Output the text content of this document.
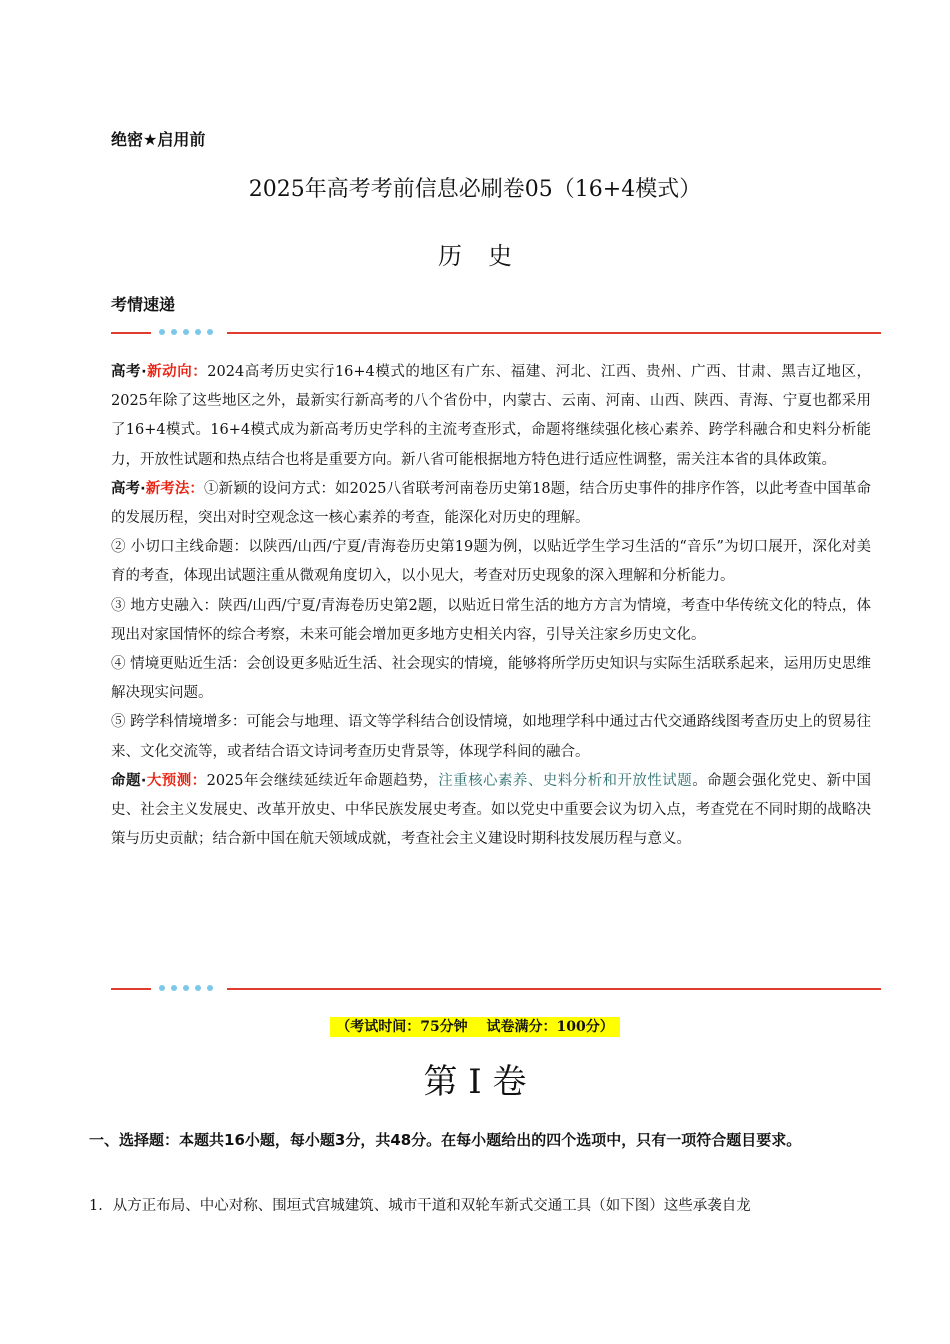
绝密★启用前
2025年高考考前信息必刷卷05（16+4模式）
历史
考情速递

高考·新动向：2024高考历史实行16+4模式的地区有广东、福建、河北、江西、贵州、广西、甘肃、黑吉辽地区，2025年除了这些地区之外，最新实行新高考的八个省份中，内蒙古、云南、河南、山西、陕西、青海、宁夏也都采用了16+4模式。16+4模式成为新高考历史学科的主流考查形式，命题将继续强化核心素养、跨学科融合和史料分析能力，开放性试题和热点结合也将是重要方向。新八省可能根据地方特色进行适应性调整，需关注本省的具体政策。

高考·新考法：①新颖的设问方式：如2025八省联考河南卷历史第18题，结合历史事件的排序作答，以此考查中国革命的发展历程，突出对时空观念这一核心素养的考查，能深化对历史的理解。

② 小切口主线命题：以陕西/山西/宁夏/青海卷历史第19题为例，以贴近学生学习生活的“音乐”为切口展开，深化对美育的考查，体现出试题注重从微观角度切入，以小见大，考查对历史现象的深入理解和分析能力。

③ 地方史融入：陕西/山西/宁夏/青海卷历史第2题，以贴近日常生活的地方方言为情境，考查中华传统文化的特点，体现出对家国情怀的综合考察，未来可能会增加更多地方史相关内容，引导关注家乡历史文化。

④ 情境更贴近生活：会创设更多贴近生活、社会现实的情境，能够将所学历史知识与实际生活联系起来，运用历史思维解决现实问题。

⑤ 跨学科情境增多：可能会与地理、语文等学科结合创设情境，如地理学科中通过古代交通路线图考查历史上的贸易往来、文化交流等，或者结合语文诗词考查历史背景等，体现学科间的融合。

命题·大预测：2025年会继续延续近年命题趋势，注重核心素养、史料分析和开放性试题。命题会强化党史、新中国史、社会主义发展史、改革开放史、中华民族发展史考查。如以党史中重要会议为切入点，考查党在不同时期的战略决策与历史贡献；结合新中国在航天领域成就，考查社会主义建设时期科技发展历程与意义。

（考试时间：75分钟　 试卷满分：100分）
第 I 卷
一、选择题：本题共16小题，每小题3分，共48分。在每小题给出的四个选项中，只有一项符合题目要求。
1．从方正布局、中心对称、围垣式宫城建筑、城市干道和双轮车新式交通工具（如下图）这些承袭自龙
